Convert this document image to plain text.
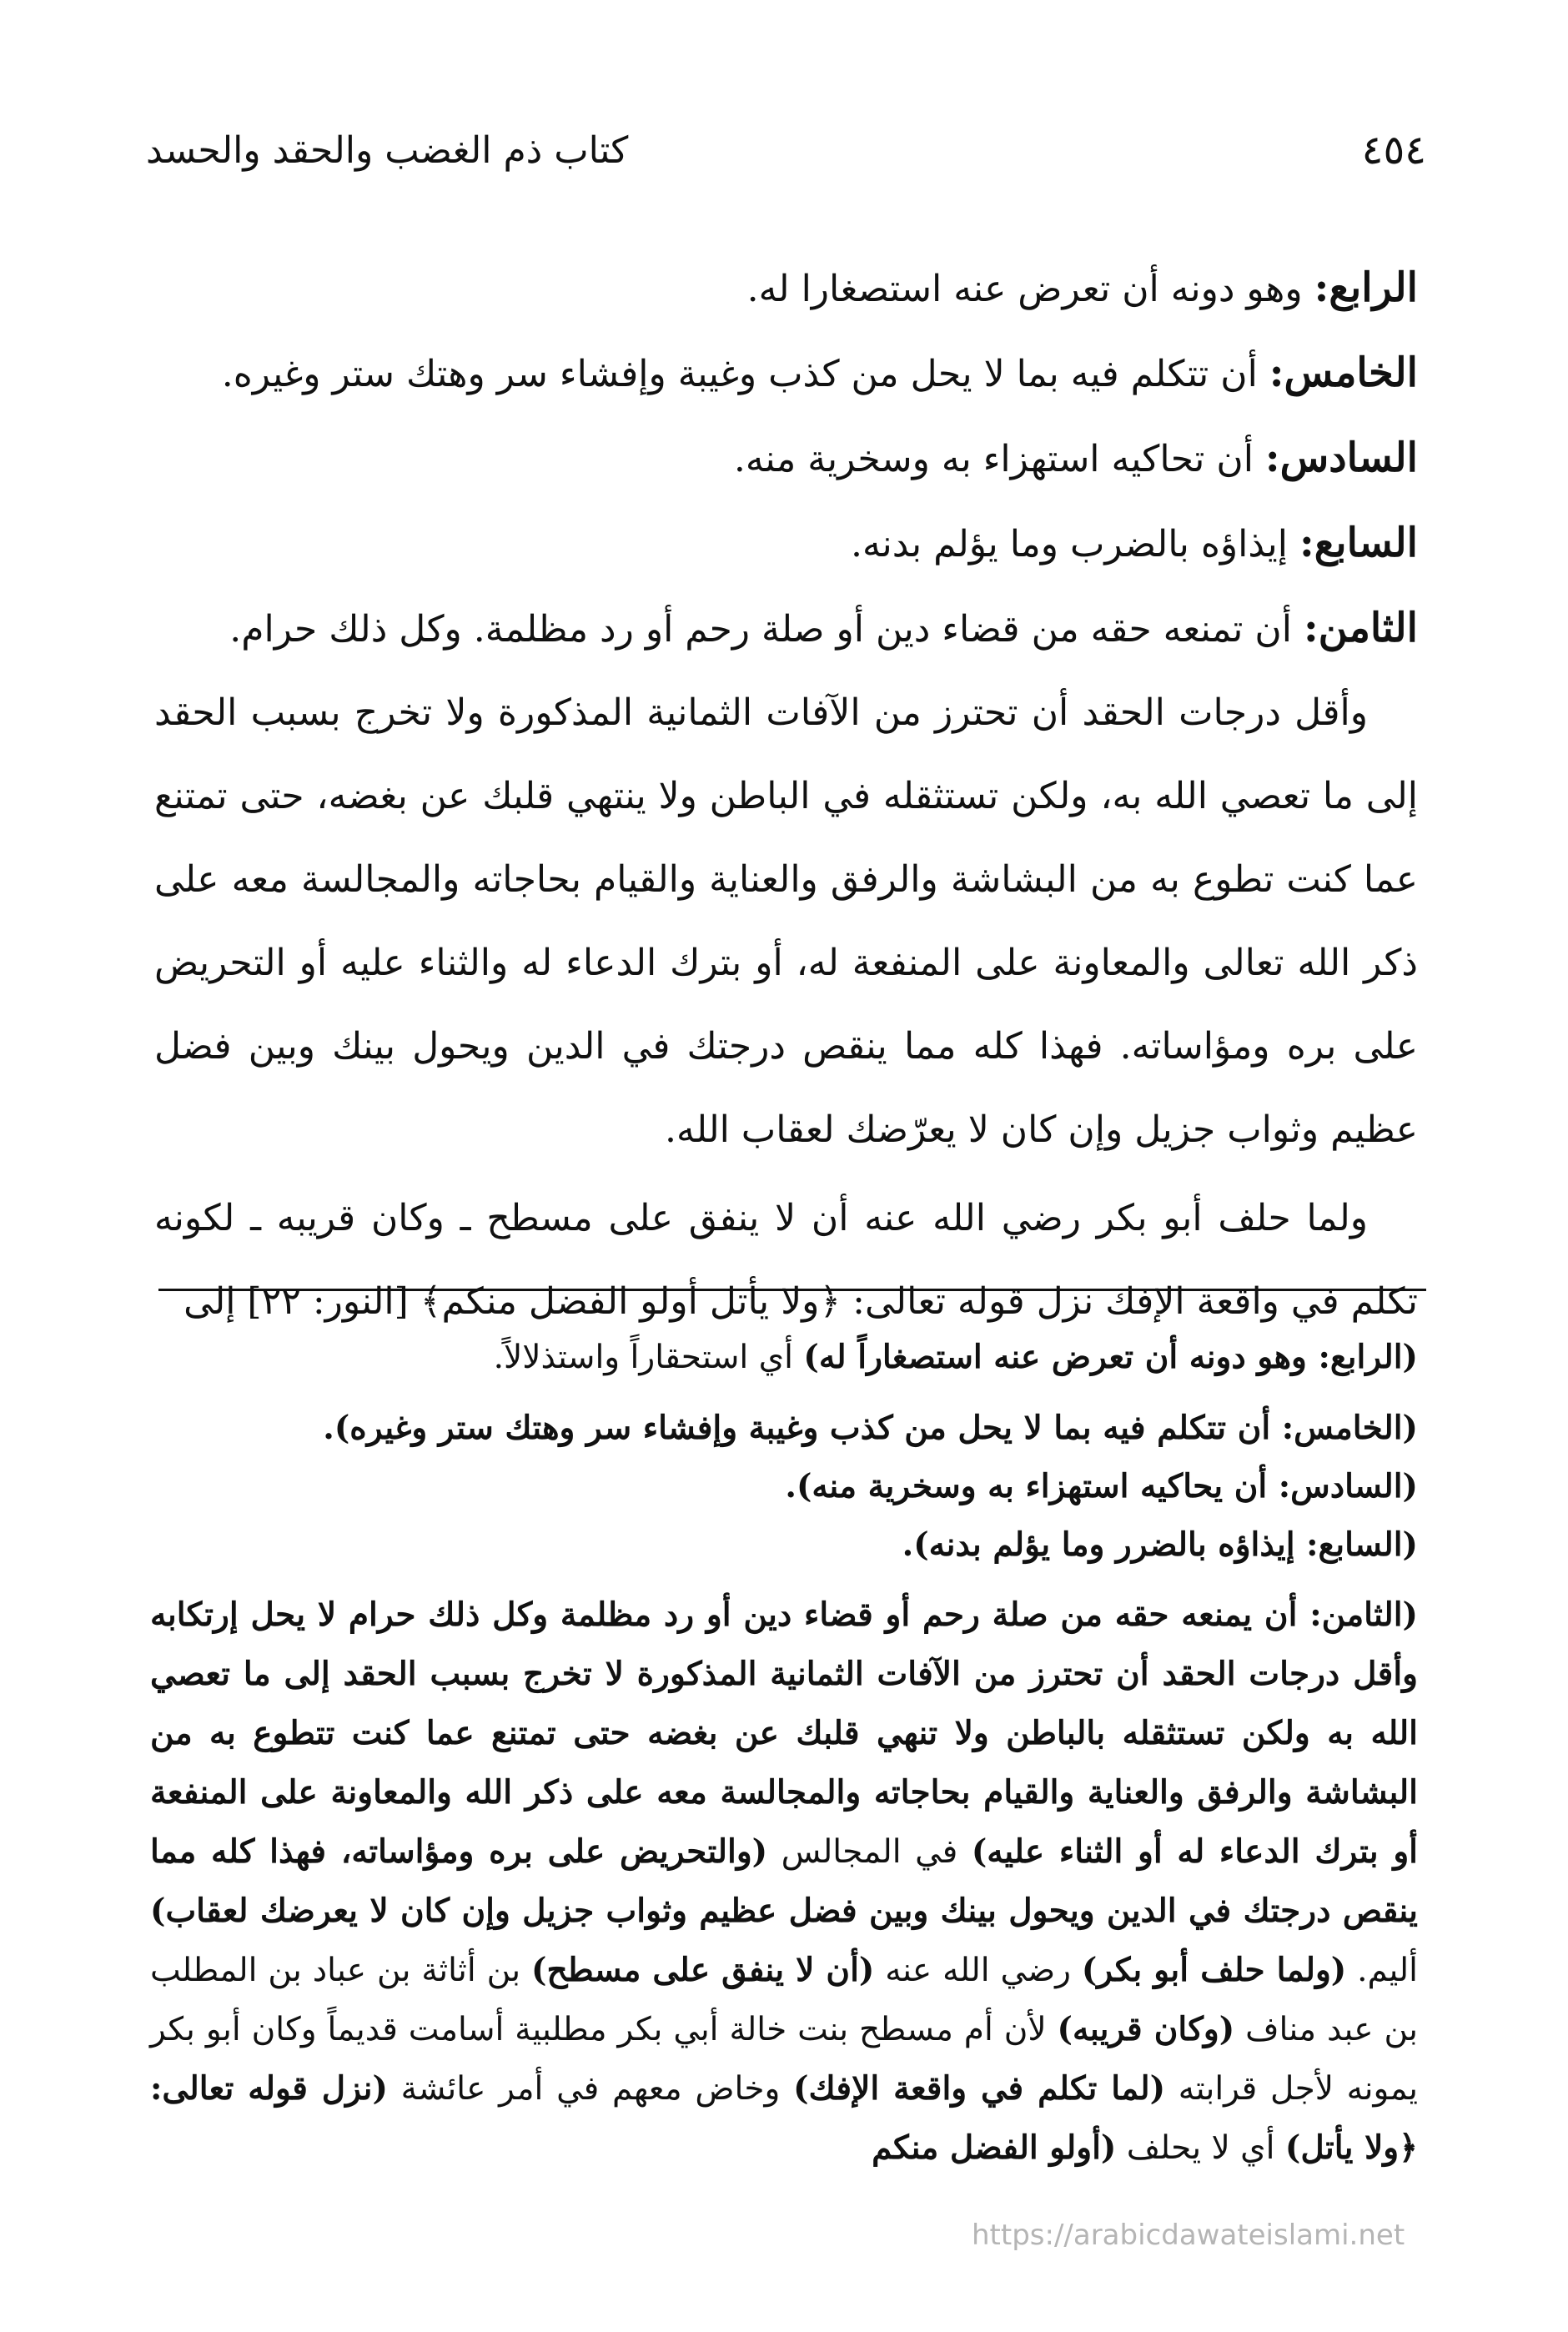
٤٥٤
كتاب ذم الغضب والحقد والحسد

الرابع: وهو دونه أن تعرض عنه استصغارا له.

الخامس: أن تتكلم فيه بما لا يحل من كذب وغيبة وإفشاء سر وهتك ستر وغيره.

السادس: أن تحاكيه استهزاء به وسخرية منه.

السابع: إيذاؤه بالضرب وما يؤلم بدنه.

الثامن: أن تمنعه حقه من قضاء دين أو صلة رحم أو رد مظلمة. وكل ذلك حرام.

وأقل درجات الحقد أن تحترز من الآفات الثمانية المذكورة ولا تخرج بسبب الحقد إلى ما تعصي الله به، ولكن تستثقله في الباطن ولا ينتهي قلبك عن بغضه، حتى تمتنع عما كنت تطوع به من البشاشة والرفق والعناية والقيام بحاجاته والمجالسة معه على ذكر الله تعالى والمعاونة على المنفعة له، أو بترك الدعاء له والثناء عليه أو التحريض على بره ومؤاساته. فهذا كله مما ينقص درجتك في الدين ويحول بينك وبين فضل عظيم وثواب جزيل وإن كان لا يعرّضك لعقاب الله.

ولما حلف أبو بكر رضي الله عنه أن لا ينفق على مسطح ـ وكان قريبه ـ لكونه تكلم في واقعة الإفك نزل قوله تعالى: ﴿ولا يأتل أولو الفضل منكم﴾ [النور: ٢٢] إلى

(الرابع: وهو دونه أن تعرض عنه استصغاراً له) أي استحقاراً واستذلالاً.

(الخامس: أن تتكلم فيه بما لا يحل من كذب وغيبة وإفشاء سر وهتك ستر وغيره).

(السادس: أن يحاكيه استهزاء به وسخرية منه).

(السابع: إيذاؤه بالضرر وما يؤلم بدنه).

(الثامن: أن يمنعه حقه من صلة رحم أو قضاء دين أو رد مظلمة وكل ذلك حرام لا يحل إرتكابه وأقل درجات الحقد أن تحترز من الآفات الثمانية المذكورة لا تخرج بسبب الحقد إلى ما تعصي الله به ولكن تستثقله بالباطن ولا تنهي قلبك عن بغضه حتى تمتنع عما كنت تتطوع به من البشاشة والرفق والعناية والقيام بحاجاته والمجالسة معه على ذكر الله والمعاونة على المنفعة أو بترك الدعاء له أو الثناء عليه) في المجالس (والتحريض على بره ومؤاساته، فهذا كله مما ينقص درجتك في الدين ويحول بينك وبين فضل عظيم وثواب جزيل وإن كان لا يعرضك لعقاب) أليم. (ولما حلف أبو بكر) رضي الله عنه (أن لا ينفق على مسطح) بن أثاثة بن عباد بن المطلب بن عبد مناف (وكان قريبه) لأن أم مسطح بنت خالة أبي بكر مطلبية أسامت قديماً وكان أبو بكر يمونه لأجل قرابته (لما تكلم في واقعة الإفك) وخاض معهم في أمر عائشة (نزل قوله تعالى: ﴿ولا يأتل) أي لا يحلف (أولو الفضل منكم

https://arabicdawateislami.net
